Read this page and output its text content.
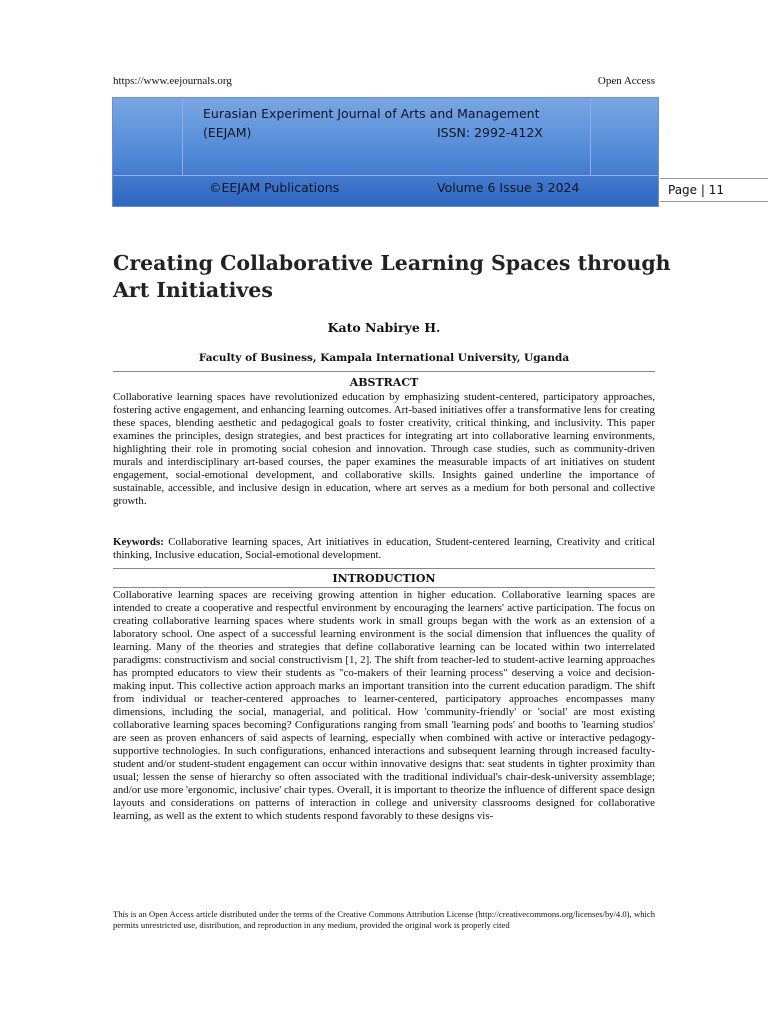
https://www.eejournals.org	Open Access
Eurasian Experiment Journal of Arts and Management
(EEJAM)	ISSN: 2992-412X
©EEJAM Publications	Volume 6 Issue 3 2024	Page | 11
Creating Collaborative Learning Spaces through Art Initiatives
Kato Nabirye H.
Faculty of Business, Kampala International University, Uganda
ABSTRACT

Collaborative learning spaces have revolutionized education by emphasizing student-centered, participatory approaches, fostering active engagement, and enhancing learning outcomes. Art-based initiatives offer a transformative lens for creating these spaces, blending aesthetic and pedagogical goals to foster creativity, critical thinking, and inclusivity. This paper examines the principles, design strategies, and best practices for integrating art into collaborative learning environments, highlighting their role in promoting social cohesion and innovation. Through case studies, such as community-driven murals and interdisciplinary art-based courses, the paper examines the measurable impacts of art initiatives on student engagement, social-emotional development, and collaborative skills. Insights gained underline the importance of sustainable, accessible, and inclusive design in education, where art serves as a medium for both personal and collective growth.

Keywords: Collaborative learning spaces, Art initiatives in education, Student-centered learning, Creativity and critical thinking, Inclusive education, Social-emotional development.

INTRODUCTION

Collaborative learning spaces are receiving growing attention in higher education. Collaborative learning spaces are intended to create a cooperative and respectful environment by encouraging the learners' active participation. The focus on creating collaborative learning spaces where students work in small groups began with the work as an extension of a laboratory school. One aspect of a successful learning environment is the social dimension that influences the quality of learning. Many of the theories and strategies that define collaborative learning can be located within two interrelated paradigms: constructivism and social constructivism [1, 2]. The shift from teacher-led to student-active learning approaches has prompted educators to view their students as "co-makers of their learning process" deserving a voice and decision-making input. This collective action approach marks an important transition into the current education paradigm. The shift from individual or teacher-centered approaches to learner-centered, participatory approaches encompasses many dimensions, including the social, managerial, and political. How 'community-friendly' or 'social' are most existing collaborative learning spaces becoming? Configurations ranging from small 'learning pods' and booths to 'learning studios' are seen as proven enhancers of said aspects of learning, especially when combined with active or interactive pedagogy-supportive technologies. In such configurations, enhanced interactions and subsequent learning through increased faculty-student and/or student-student engagement can occur within innovative designs that: seat students in tighter proximity than usual; lessen the sense of hierarchy so often associated with the traditional individual's chair-desk-university assemblage; and/or use more 'ergonomic, inclusive' chair types. Overall, it is important to theorize the influence of different space design layouts and considerations on patterns of interaction in college and university classrooms designed for collaborative learning, as well as the extent to which students respond favorably to these designs vis-

This is an Open Access article distributed under the terms of the Creative Commons Attribution License (http://creativecommons.org/licenses/by/4.0), which permits unrestricted use, distribution, and reproduction in any medium, provided the original work is properly cited
